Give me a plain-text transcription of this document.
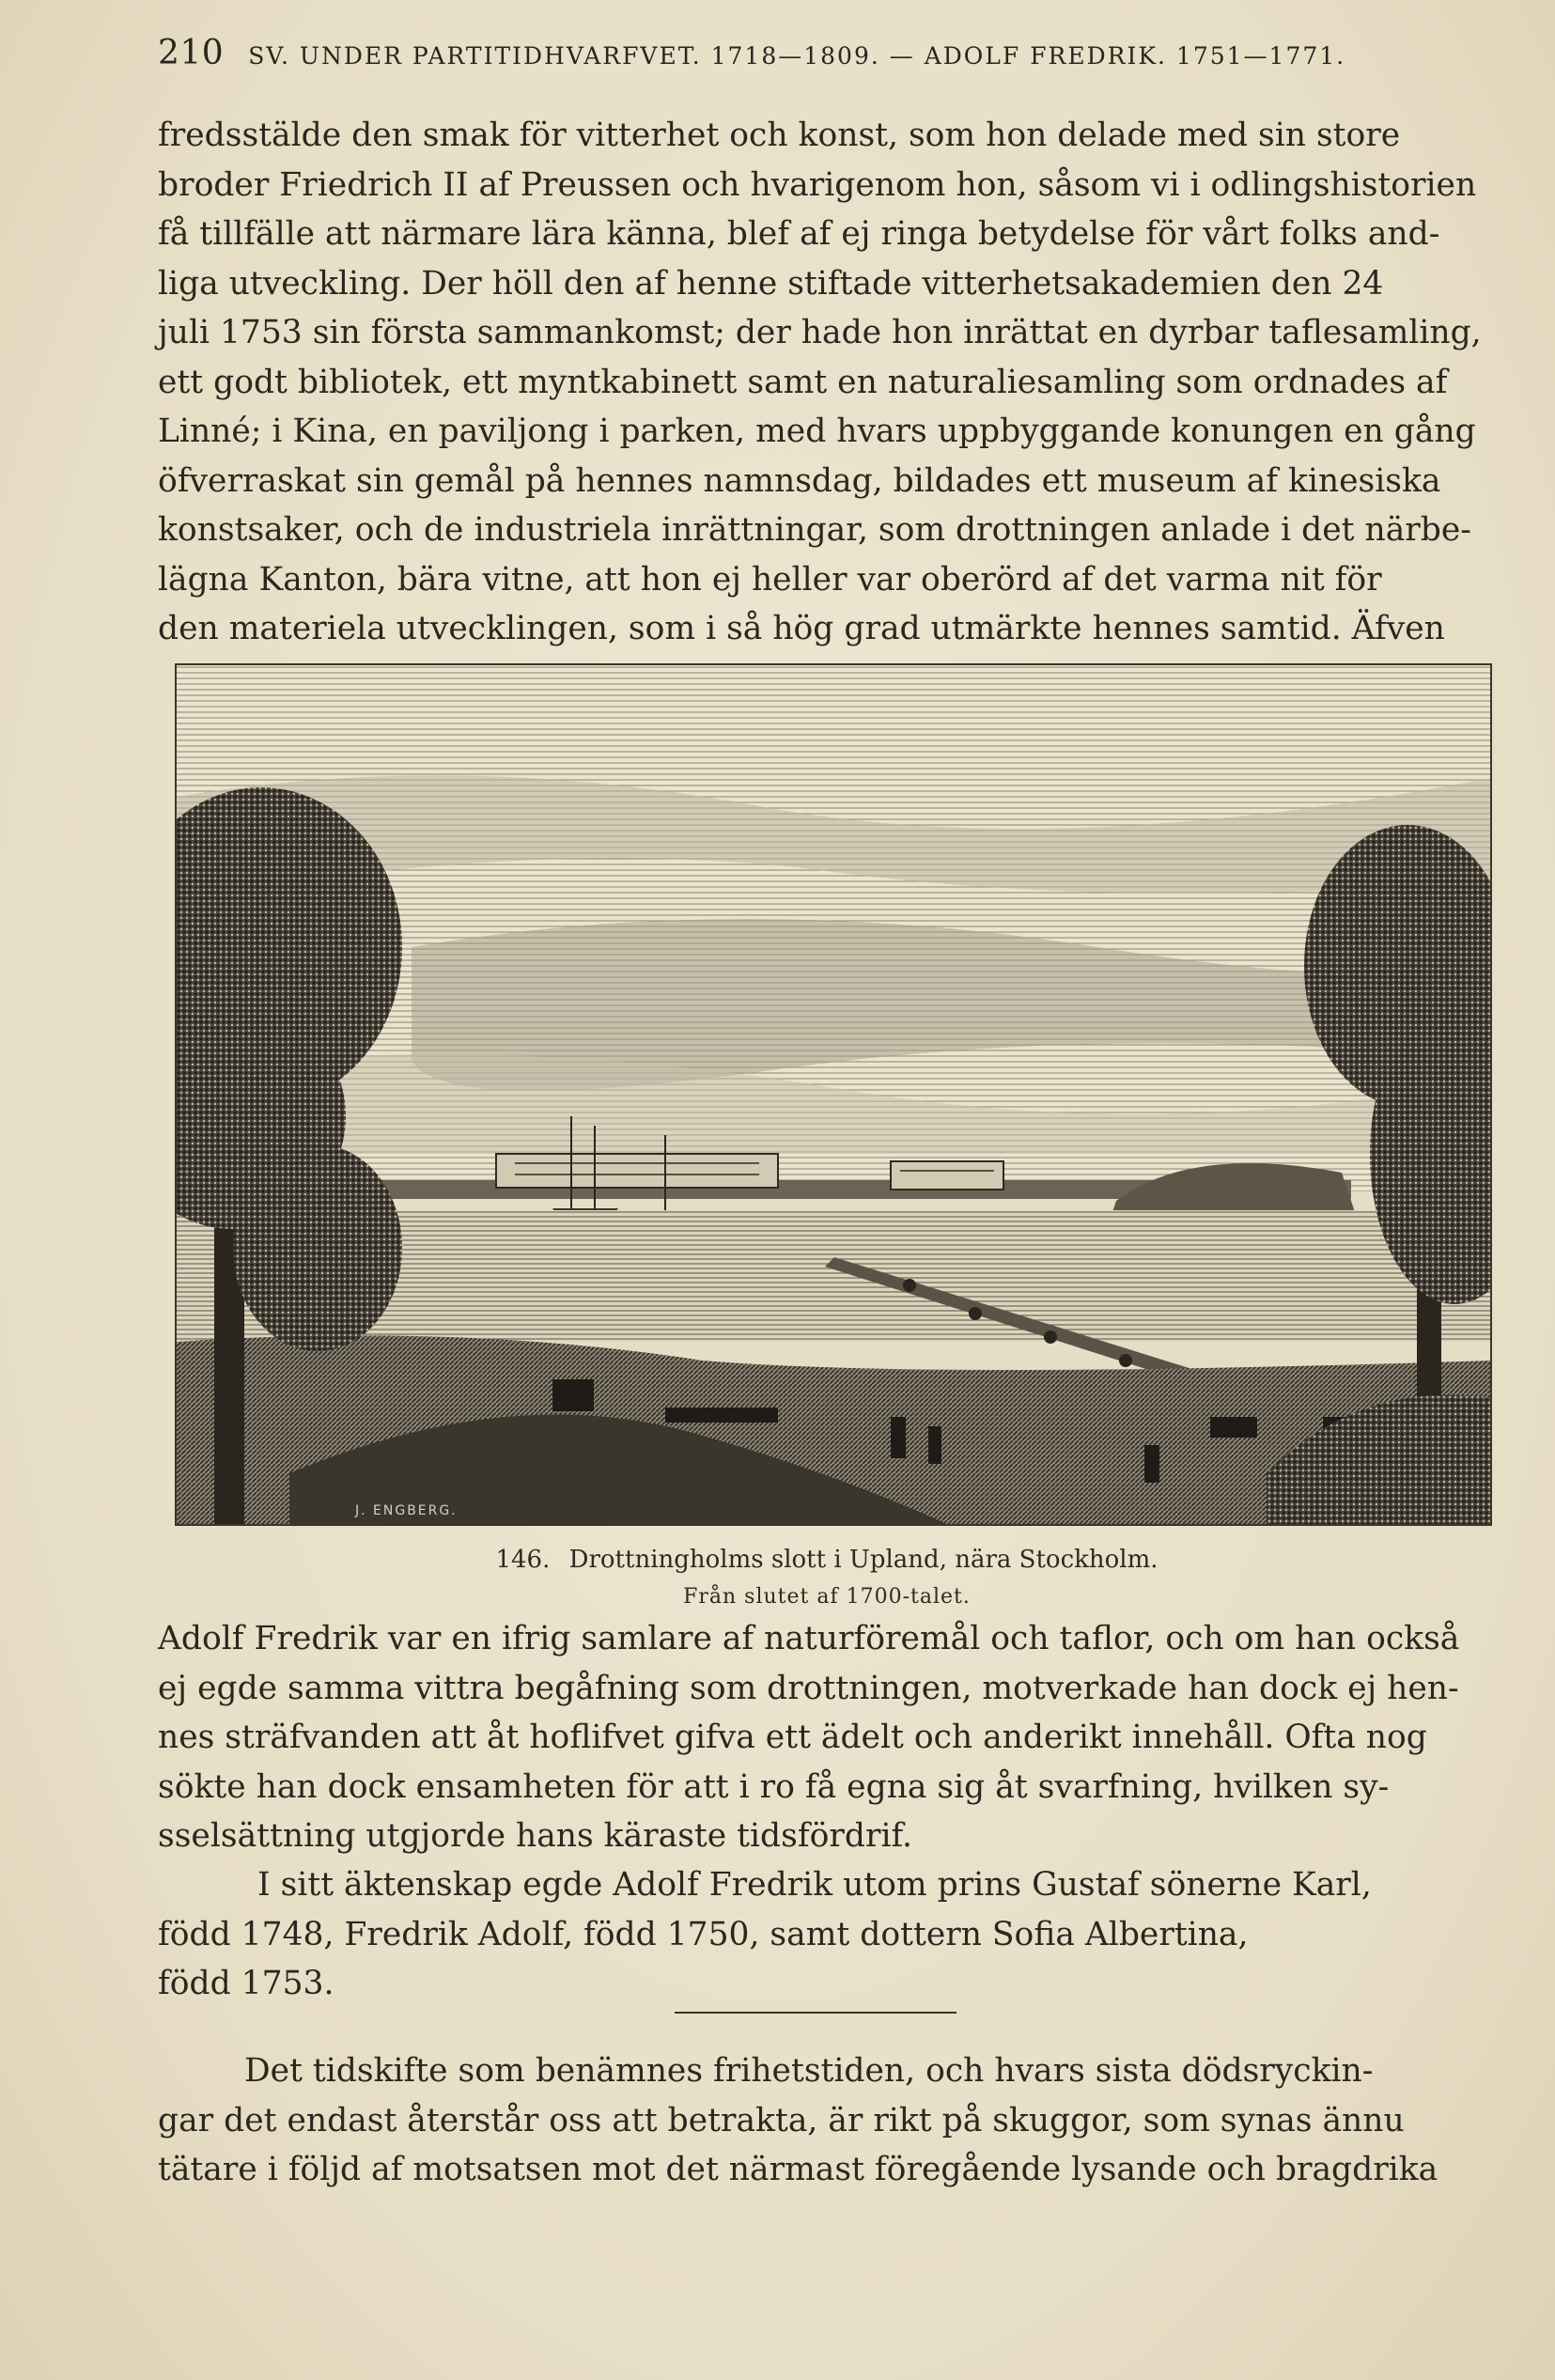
210 SV. UNDER PARTITIDHVARFVET. 1718—1809. — ADOLF FREDRIK. 1751—1771.

fredsstälde den smak för vitterhet och konst, som hon delade med sin store

broder Friedrich II af Preussen och hvarigenom hon, såsom vi i odlingshistorien

få tillfälle att närmare lära känna, blef af ej ringa betydelse för vårt folks and-

liga utveckling. Der höll den af henne stiftade vitterhetsakademien den 24

juli 1753 sin första sammankomst; der hade hon inrättat en dyrbar taflesamling,

ett godt bibliotek, ett myntkabinett samt en naturaliesamling som ordnades af

Linné; i Kina, en paviljong i parken, med hvars uppbyggande konungen en gång

öfverraskat sin gemål på hennes namnsdag, bildades ett museum af kinesiska

konstsaker, och de industriela inrättningar, som drottningen anlade i det närbe-

lägna Kanton, bära vitne, att hon ej heller var oberörd af det varma nit för

den materiela utvecklingen, som i så hög grad utmärkte hennes samtid. Äfven

J. ENGBERG.
146. Drottningholms slott i Upland, nära Stockholm.
Från slutet af 1700-talet.

Adolf Fredrik var en ifrig samlare af naturföremål och taflor, och om han också

ej egde samma vittra begåfning som drottningen, motverkade han dock ej hen-

nes sträfvanden att åt hoflifvet gifva ett ädelt och anderikt innehåll. Ofta nog

sökte han dock ensamheten för att i ro få egna sig åt svarfning, hvilken sy-

sselsättning utgjorde hans käraste tidsfördrif.

I sitt äktenskap egde Adolf Fredrik utom prins Gustaf sönerne Karl,

född 1748, Fredrik Adolf, född 1750, samt dottern Sofia Albertina,

född 1753.

Det tidskifte som benämnes frihetstiden, och hvars sista dödsryckin-

gar det endast återstår oss att betrakta, är rikt på skuggor, som synas ännu

tätare i följd af motsatsen mot det närmast föregående lysande och bragdrika
